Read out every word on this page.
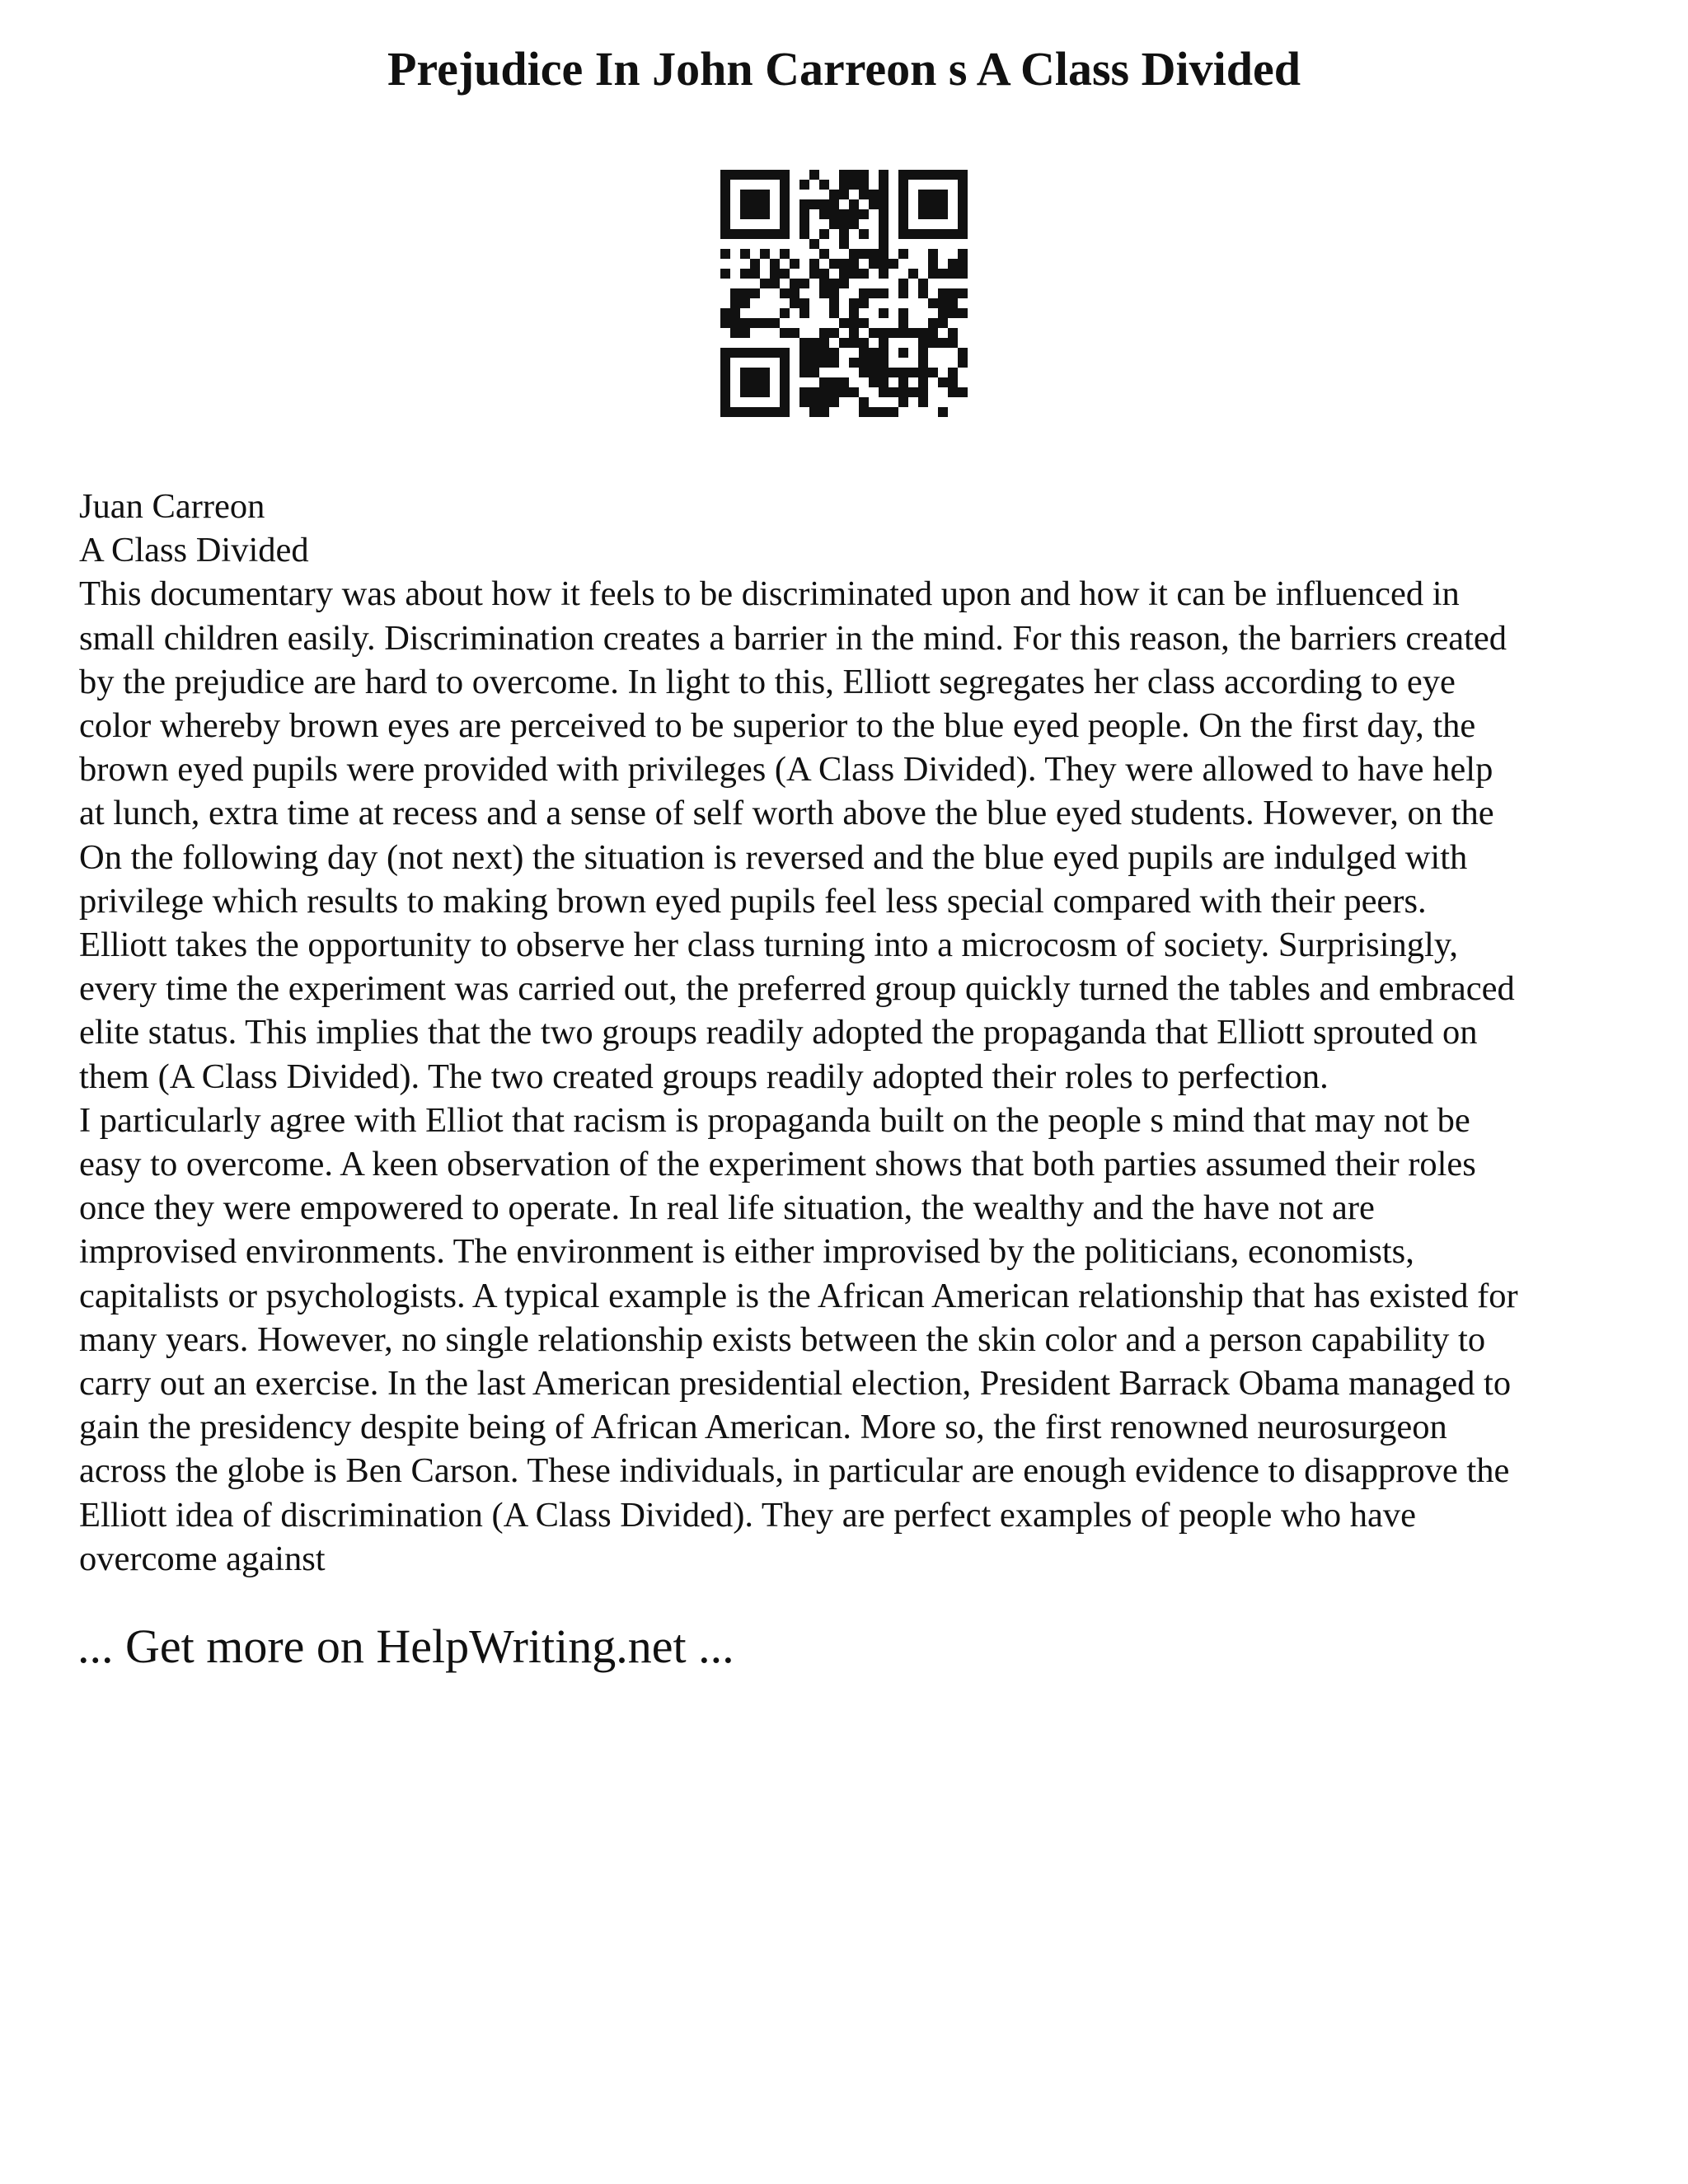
Prejudice In John Carreon s A Class Divided
Juan Carreon
A Class Divided
This documentary was about how it feels to be discriminated upon and how it can be influenced in
small children easily. Discrimination creates a barrier in the mind. For this reason, the barriers created
by the prejudice are hard to overcome. In light to this, Elliott segregates her class according to eye
color whereby brown eyes are perceived to be superior to the blue eyed people. On the first day, the
brown eyed pupils were provided with privileges (A Class Divided). They were allowed to have help
at lunch, extra time at recess and a sense of self worth above the blue eyed students. However, on the
On the following day (not next) the situation is reversed and the blue eyed pupils are indulged with
privilege which results to making brown eyed pupils feel less special compared with their peers.
Elliott takes the opportunity to observe her class turning into a microcosm of society. Surprisingly,
every time the experiment was carried out, the preferred group quickly turned the tables and embraced
elite status. This implies that the two groups readily adopted the propaganda that Elliott sprouted on
them (A Class Divided). The two created groups readily adopted their roles to perfection.
I particularly agree with Elliot that racism is propaganda built on the people s mind that may not be
easy to overcome. A keen observation of the experiment shows that both parties assumed their roles
once they were empowered to operate. In real life situation, the wealthy and the have not are
improvised environments. The environment is either improvised by the politicians, economists,
capitalists or psychologists. A typical example is the African American relationship that has existed for
many years. However, no single relationship exists between the skin color and a person capability to
carry out an exercise. In the last American presidential election, President Barrack Obama managed to
gain the presidency despite being of African American. More so, the first renowned neurosurgeon
across the globe is Ben Carson. These individuals, in particular are enough evidence to disapprove the
Elliott idea of discrimination (A Class Divided). They are perfect examples of people who have
overcome against
... Get more on HelpWriting.net ...
